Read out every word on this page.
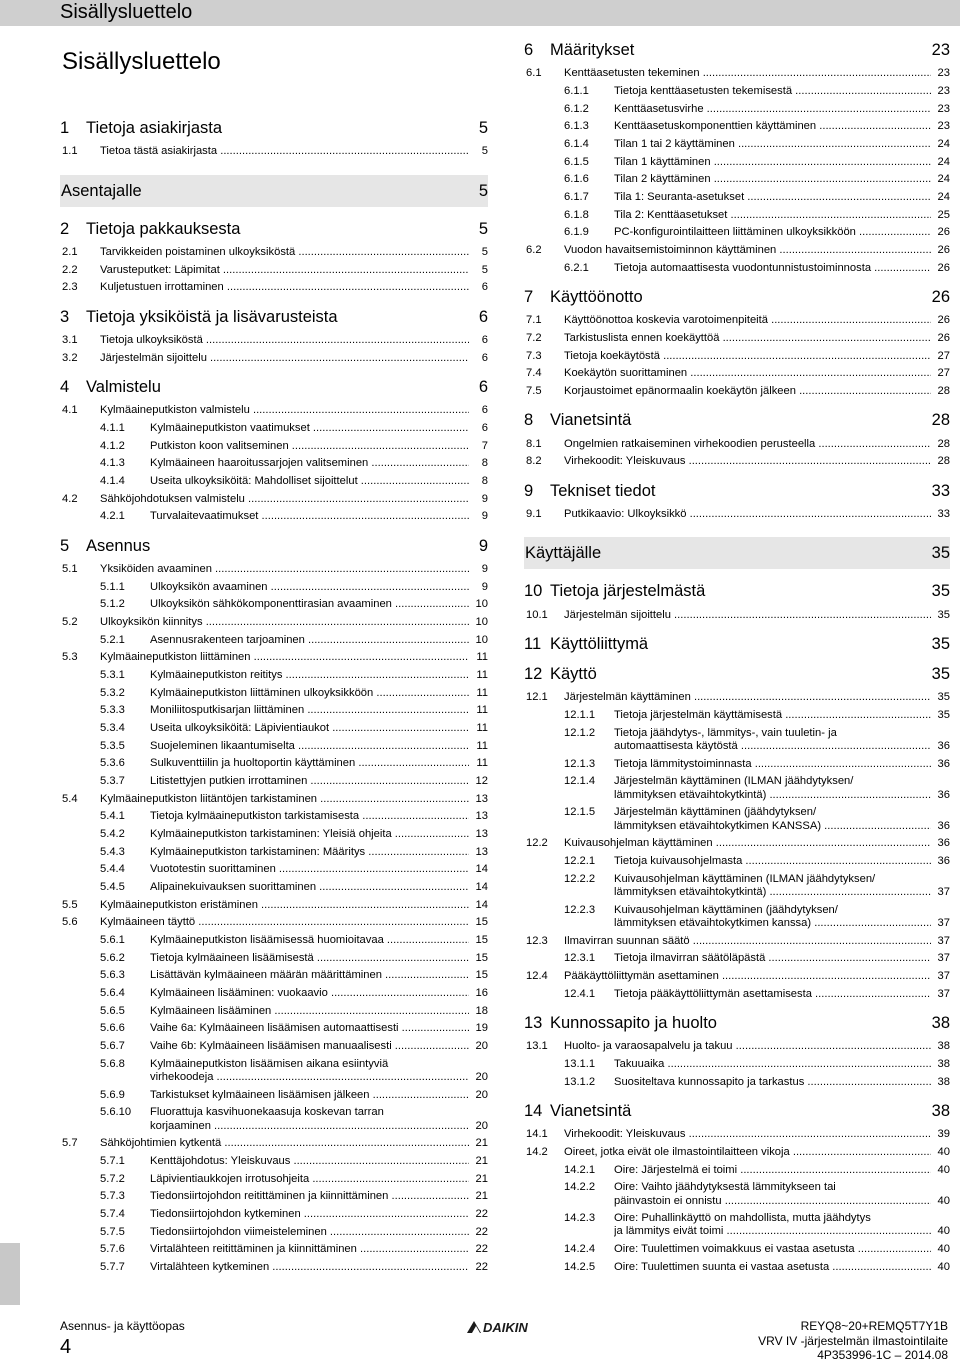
Sisällysluettelo
Sisällysluettelo
1 Tietoja asiakirjasta	5
1.1	Tietoa tästä asiakirjasta .....	5
Asentajalle	5
2 Tietoja pakkauksesta	5
2.1	Tarvikkeiden poistaminen ulkoyksiköstä .....	5
2.2	Varusteputket: Läpimitat .....	5
2.3	Kuljetustuen irrottaminen .....	6
3 Tietoja yksiköistä ja lisävarusteista	6
3.1	Tietoja ulkoyksiköstä .....	6
3.2	Järjestelmän sijoittelu .....	6
4 Valmistelu	6
4.1	Kylmäaineputkiston valmistelu .....	6
4.1.1	Kylmäaineputkiston vaatimukset .....	6
4.1.2	Putkiston koon valitseminen .....	7
4.1.3	Kylmäaineen haaroitussarjojen valitseminen .....	8
4.1.4	Useita ulkoyksiköitä: Mahdolliset sijoittelut .....	8
4.2	Sähköjohdotuksen valmistelu .....	9
4.2.1	Turvalaitevaatimukset .....	9
5 Asennus	9
5.1	Yksiköiden avaaminen .....	9
5.1.1	Ulkoyksikön avaaminen .....	9
5.1.2	Ulkoyksikön sähkökomponenttirasian avaaminen .....	10
5.2	Ulkoyksikön kiinnitys .....	10
5.2.1	Asennusrakenteen tarjoaminen .....	10
5.3	Kylmäaineputkiston liittäminen .....	11
5.3.1	Kylmäaineputkiston reititys .....	11
5.3.2	Kylmäaineputkiston liittäminen ulkoyksikköön .....	11
5.3.3	Moniliitosputkisarjan liittäminen .....	11
5.3.4	Useita ulkoyksiköitä: Läpivientiaukot .....	11
5.3.5	Suojeleminen likaantumiselta .....	11
5.3.6	Sulkuventtiilin ja huoltoportin käyttäminen .....	11
5.3.7	Litistettyjen putkien irrottaminen .....	12
5.4	Kylmäaineputkiston liitäntöjen tarkistaminen .....	13
5.4.1	Tietoja kylmäaineputkiston tarkistamisesta .....	13
5.4.2	Kylmäaineputkiston tarkistaminen: Yleisiä ohjeita .....	13
5.4.3	Kylmäaineputkiston tarkistaminen: Määritys .....	13
5.4.4	Vuototestin suorittaminen .....	14
5.4.5	Alipainekuivauksen suorittaminen .....	14
5.5	Kylmäaineputkiston eristäminen .....	14
5.6	Kylmäaineen täyttö .....	15
5.6.1	Kylmäaineputkiston lisäämisessä huomioitavaa .....	15
5.6.2	Tietoja kylmäaineen lisäämisestä .....	15
5.6.3	Lisättävän kylmäaineen määrän määrittäminen .....	15
5.6.4	Kylmäaineen lisääminen: vuokaavio .....	16
5.6.5	Kylmäaineen lisääminen .....	18
5.6.6	Vaihe 6a: Kylmäaineen lisäämisen automaattisesti .....	19
5.6.7	Vaihe 6b: Kylmäaineen lisäämisen manuaalisesti .....	20
5.6.8	Kylmäaineputkiston lisäämisen aikana esiintyviä
virhekoodeja .....	20
5.6.9	Tarkistukset kylmäaineen lisäämisen jälkeen .....	20
5.6.10	Fluorattuja kasvihuonekaasuja koskevan tarran
korjaaminen .....	20
5.7	Sähköjohtimien kytkentä .....	21
5.7.1	Kenttäjohdotus: Yleiskuvaus .....	21
5.7.2	Läpivientiaukkojen irrotusohjeita .....	21
5.7.3	Tiedonsiirtojohdon reitittäminen ja kiinnittäminen .....	21
5.7.4	Tiedonsiirtojohdon kytkeminen .....	22
5.7.5	Tiedonsiirtojohdon viimeisteleminen .....	22
5.7.6	Virtalähteen reitittäminen ja kiinnittäminen .....	22
5.7.7	Virtalähteen kytkeminen .....	22
6 Määritykset	23
6.1	Kenttäasetusten tekeminen .....	23
6.1.1	Tietoja kenttäasetusten tekemisestä .....	23
6.1.2	Kenttäasetusvirhe .....	23
6.1.3	Kenttäasetuskomponenttien käyttäminen .....	23
6.1.4	Tilan 1 tai 2 käyttäminen .....	24
6.1.5	Tilan 1 käyttäminen .....	24
6.1.6	Tilan 2 käyttäminen .....	24
6.1.7	Tila 1: Seuranta-asetukset .....	24
6.1.8	Tila 2: Kenttäasetukset .....	25
6.1.9	PC-konfigurointilaitteen liittäminen ulkoyksikköön .....	26
6.2	Vuodon havaitsemistoiminnon käyttäminen .....	26
6.2.1	Tietoja automaattisesta vuodontunnistustoiminnosta .....	26
7 Käyttöönotto	26
7.1	Käyttöönottoa koskevia varotoimenpiteitä .....	26
7.2	Tarkistuslista ennen koekäyttöä .....	26
7.3	Tietoja koekäytöstä .....	27
7.4	Koekäytön suorittaminen .....	27
7.5	Korjaustoimet epänormaalin koekäytön jälkeen .....	28
8 Vianetsintä	28
8.1	Ongelmien ratkaiseminen virhekoodien perusteella .....	28
8.2	Virhekoodit: Yleiskuvaus .....	28
9 Tekniset tiedot	33
9.1	Putkikaavio: Ulkoyksikkö .....	33
Käyttäjälle	35
10 Tietoja järjestelmästä	35
10.1	Järjestelmän sijoittelu .....	35
11 Käyttöliittymä	35
12 Käyttö	35
12.1	Järjestelmän käyttäminen .....	35
12.1.1	Tietoja järjestelmän käyttämisestä .....	35
12.1.2	Tietoja jäähdytys-, lämmitys-, vain tuuletin- ja
automaattisesta käytöstä .....	36
12.1.3	Tietoja lämmitystoiminnasta .....	36
12.1.4	Järjestelmän käyttäminen (ILMAN jäähdytyksen/
lämmityksen etävaihtokytkintä) .....	36
12.1.5	Järjestelmän käyttäminen (jäähdytyksen/
lämmityksen etävaihtokytkimen KANSSA) .....	36
12.2	Kuivausohjelman käyttäminen .....	36
12.2.1	Tietoja kuivausohjelmasta .....	36
12.2.2	Kuivausohjelman käyttäminen (ILMAN jäähdytyksen/
lämmityksen etävaihtokytkintä) .....	37
12.2.3	Kuivausohjelman käyttäminen (jäähdytyksen/
lämmityksen etävaihtokytkimen kanssa) .....	37
12.3	Ilmavirran suunnan säätö .....	37
12.3.1	Tietoja ilmavirran säätöläpästä .....	37
12.4	Pääkäyttöliittymän asettaminen .....	37
12.4.1	Tietoja pääkäyttöliittymän asettamisesta .....	37
13 Kunnossapito ja huolto	38
13.1	Huolto- ja varaosapalvelu ja takuu .....	38
13.1.1	Takuuaika .....	38
13.1.2	Suositeltava kunnossapito ja tarkastus .....	38
14 Vianetsintä	38
14.1	Virhekoodit: Yleiskuvaus .....	39
14.2	Oireet, jotka eivät ole ilmastointilaitteen vikoja .....	40
14.2.1	Oire: Järjestelmä ei toimi .....	40
14.2.2	Oire: Vaihto jäähdytyksestä lämmitykseen tai
päinvastoin ei onnistu .....	40
14.2.3	Oire: Puhallinkäyttö on mahdollista, mutta jäähdytys
ja lämmitys eivät toimi .....	40
14.2.4	Oire: Tuulettimen voimakkuus ei vastaa asetusta .....	40
14.2.5	Oire: Tuulettimen suunta ei vastaa asetusta .....	40
Asennus- ja käyttöopas
4
DAIKIN	REYQ8~20+REMQ5T7Y1B
VRV IV -järjestelmän ilmastointilaite
4P353996-1C – 2014.08
